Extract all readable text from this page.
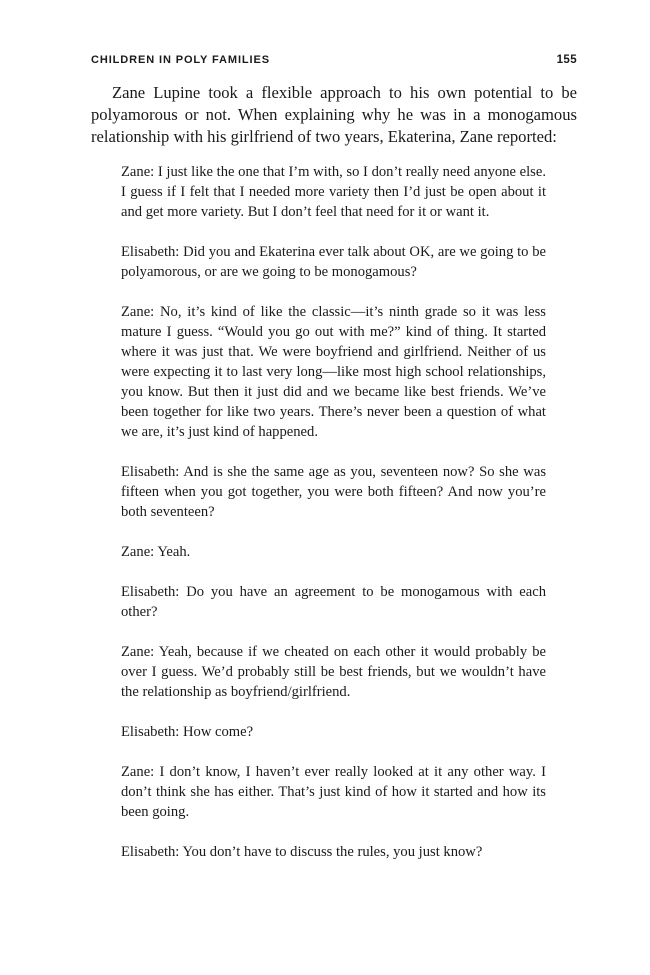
CHILDREN IN POLY FAMILIES	155

Zane Lupine took a flexible approach to his own potential to be polyamorous or not. When explaining why he was in a monogamous relationship with his girlfriend of two years, Ekaterina, Zane reported:

Zane: I just like the one that I’m with, so I don’t really need anyone else. I guess if I felt that I needed more variety then I’d just be open about it and get more variety. But I don’t feel that need for it or want it.

Elisabeth: Did you and Ekaterina ever talk about OK, are we going to be polyamorous, or are we going to be monogamous?

Zane: No, it’s kind of like the classic—it’s ninth grade so it was less mature I guess. “Would you go out with me?” kind of thing. It started where it was just that. We were boyfriend and girlfriend. Neither of us were expecting it to last very long—like most high school relationships, you know. But then it just did and we became like best friends. We’ve been together for like two years. There’s never been a question of what we are, it’s just kind of happened.

Elisabeth: And is she the same age as you, seventeen now? So she was fifteen when you got together, you were both fifteen? And now you’re both seventeen?

Zane: Yeah.

Elisabeth: Do you have an agreement to be monogamous with each other?

Zane: Yeah, because if we cheated on each other it would probably be over I guess. We’d probably still be best friends, but we wouldn’t have the relationship as boyfriend/girlfriend.

Elisabeth: How come?

Zane: I don’t know, I haven’t ever really looked at it any other way. I don’t think she has either. That’s just kind of how it started and how its been going.

Elisabeth: You don’t have to discuss the rules, you just know?
